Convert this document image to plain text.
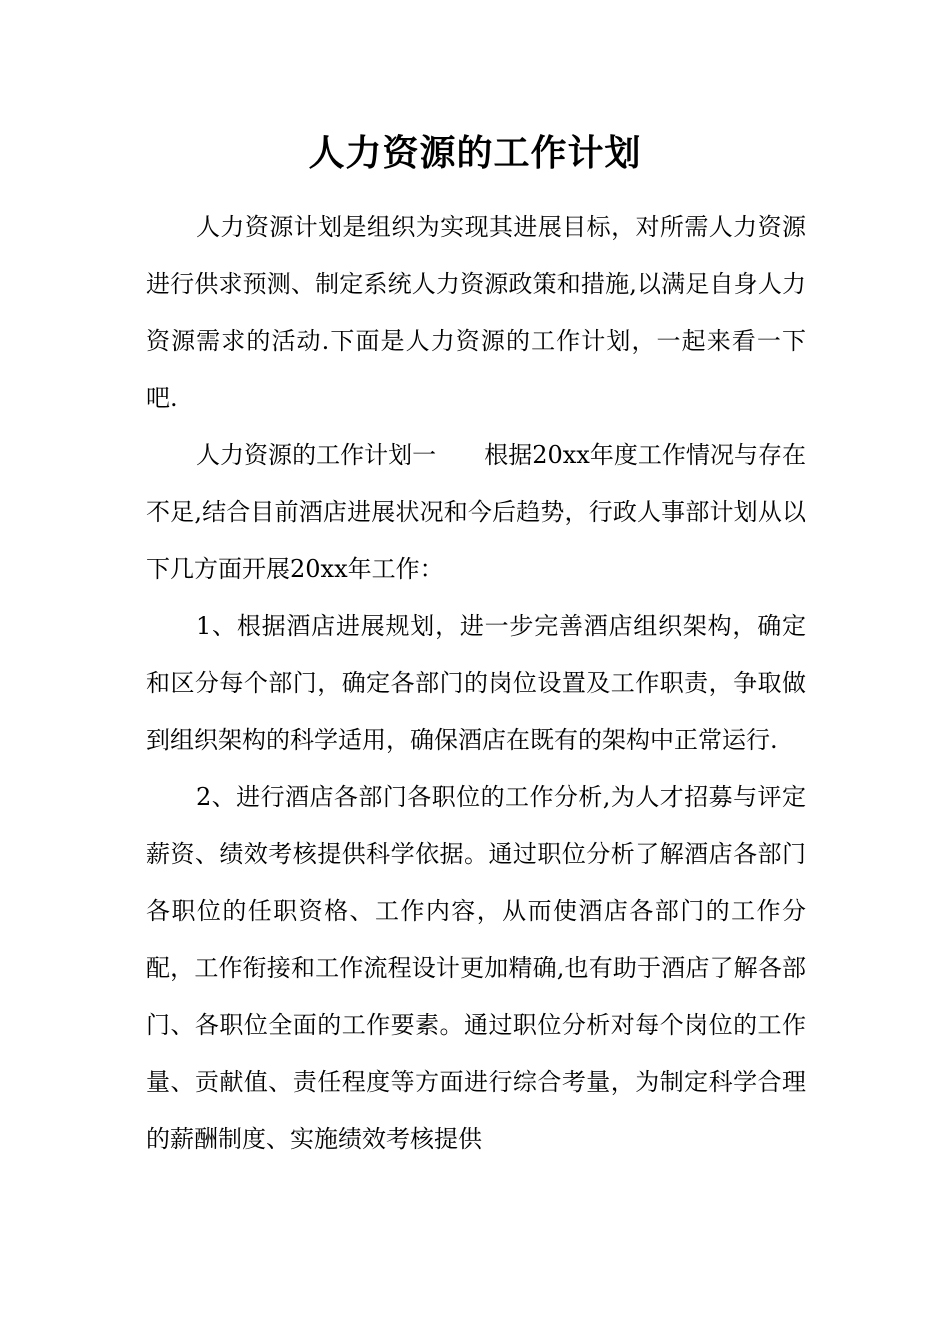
人力资源的工作计划

人力资源计划是组织为实现其进展目标，对所需人力资源进行供求预测、制定系统人力资源政策和措施,以满足自身人力资源需求的活动.下面是人力资源的工作计划，一起来看一下吧.

人力资源的工作计划一　　根据20xx年度工作情况与存在不足,结合目前酒店进展状况和今后趋势，行政人事部计划从以下几方面开展20xx年工作：

1、根据酒店进展规划，进一步完善酒店组织架构，确定和区分每个部门，确定各部门的岗位设置及工作职责，争取做到组织架构的科学适用，确保酒店在既有的架构中正常运行.

2、进行酒店各部门各职位的工作分析,为人才招募与评定薪资、绩效考核提供科学依据。通过职位分析了解酒店各部门各职位的任职资格、工作内容，从而使酒店各部门的工作分配，工作衔接和工作流程设计更加精确,也有助于酒店了解各部门、各职位全面的工作要素。通过职位分析对每个岗位的工作量、贡献值、责任程度等方面进行综合考量，为制定科学合理的薪酬制度、实施绩效考核提供
